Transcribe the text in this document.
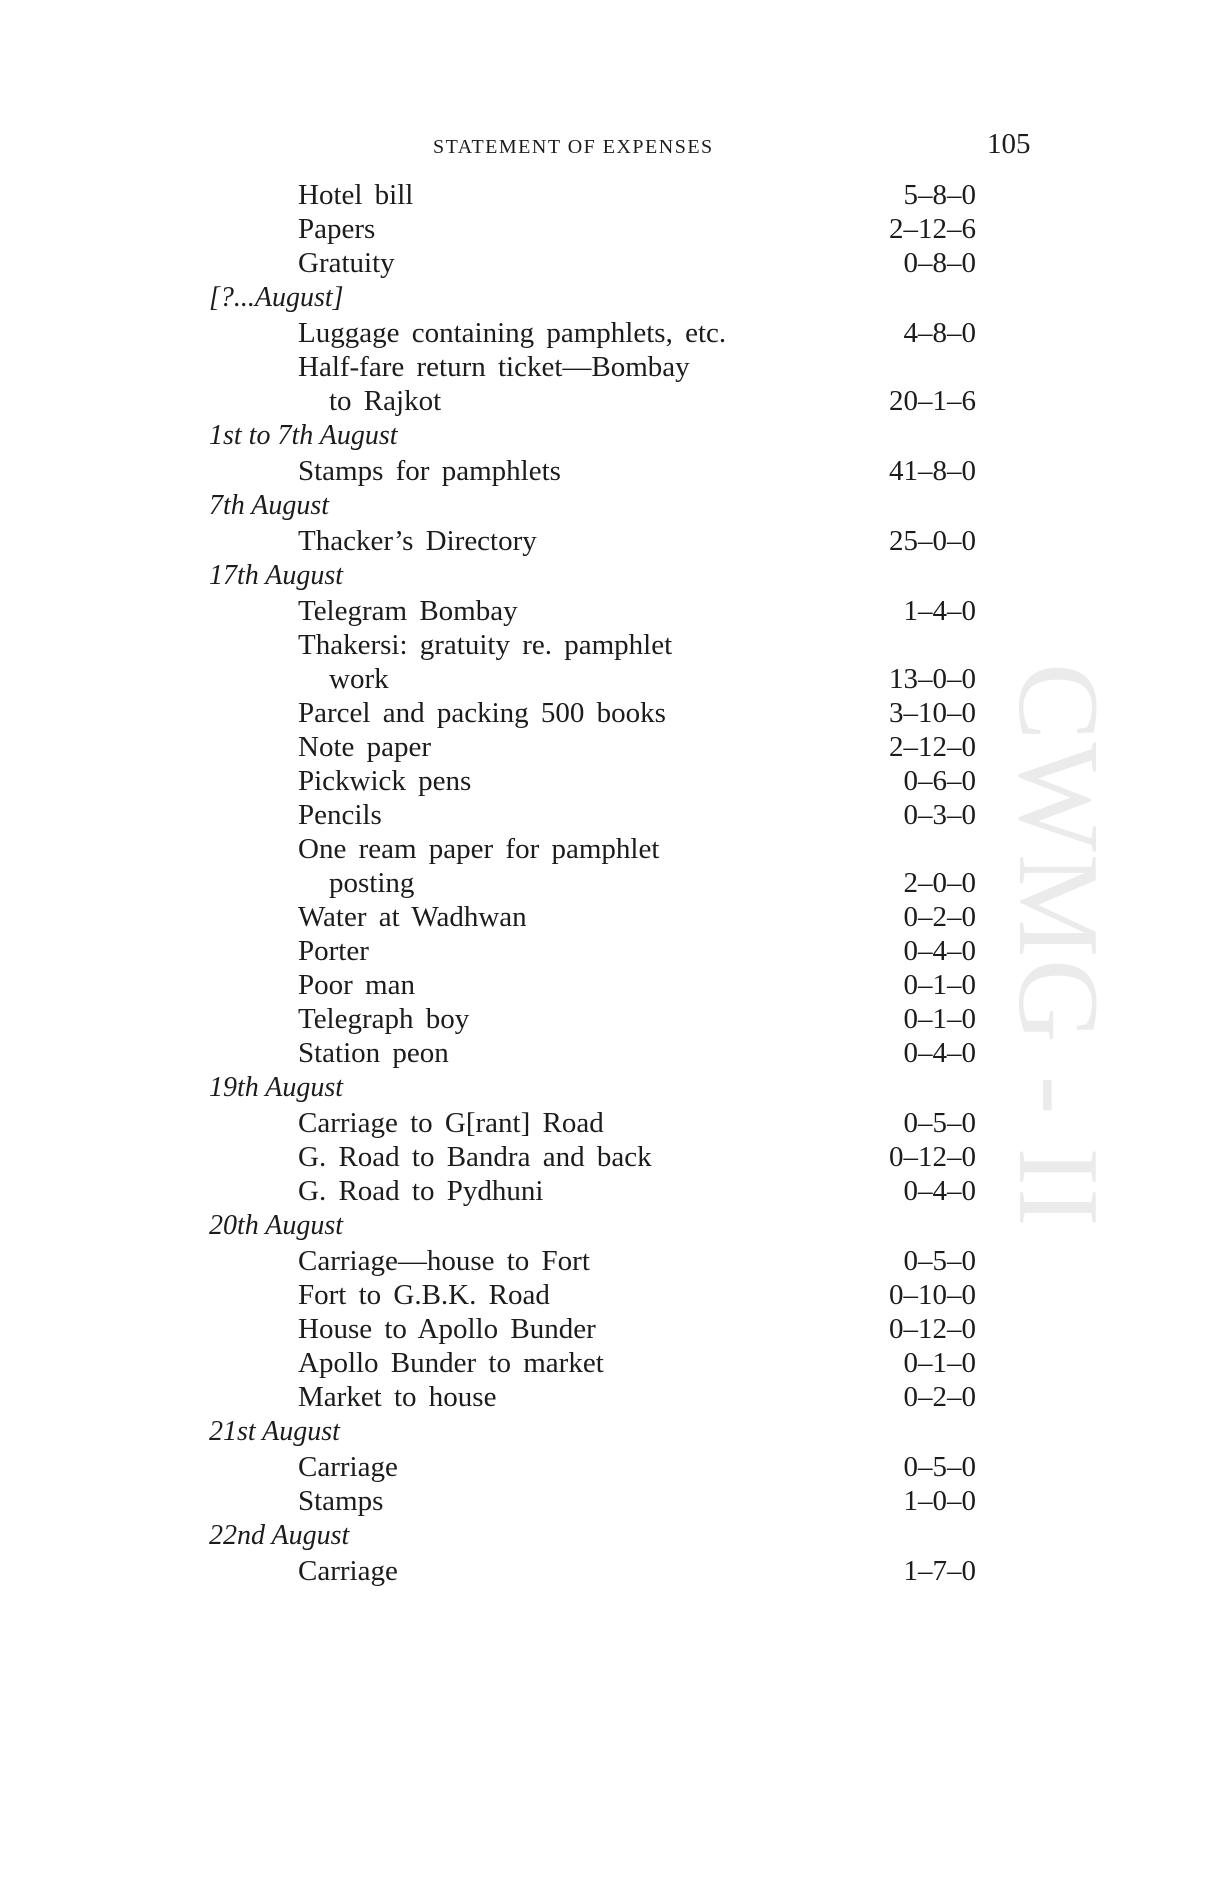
STATEMENT OF EXPENSES	105
CWMG - II
Hotel bill	5–8–0
Papers	2–12–6
Gratuity	0–8–0
[?...August]
Luggage containing pamphlets, etc.	4–8–0
Half-fare return ticket—Bombay
to Rajkot	20–1–6
1st to 7th August
Stamps for pamphlets	41–8–0
7th August
Thacker’s Directory	25–0–0
17th August
Telegram Bombay	1–4–0
Thakersi: gratuity re. pamphlet
work	13–0–0
Parcel and packing 500 books	3–10–0
Note paper	2–12–0
Pickwick pens	0–6–0
Pencils	0–3–0
One ream paper for pamphlet
posting	2–0–0
Water at Wadhwan	0–2–0
Porter	0–4–0
Poor man	0–1–0
Telegraph boy	0–1–0
Station peon	0–4–0
19th August
Carriage to G[rant] Road	0–5–0
G. Road to Bandra and back	0–12–0
G. Road to Pydhuni	0–4–0
20th August
Carriage—house to Fort	0–5–0
Fort to G.B.K. Road	0–10–0
House to Apollo Bunder	0–12–0
Apollo Bunder to market	0–1–0
Market to house	0–2–0
21st August
Carriage	0–5–0
Stamps	1–0–0
22nd August
Carriage	1–7–0
